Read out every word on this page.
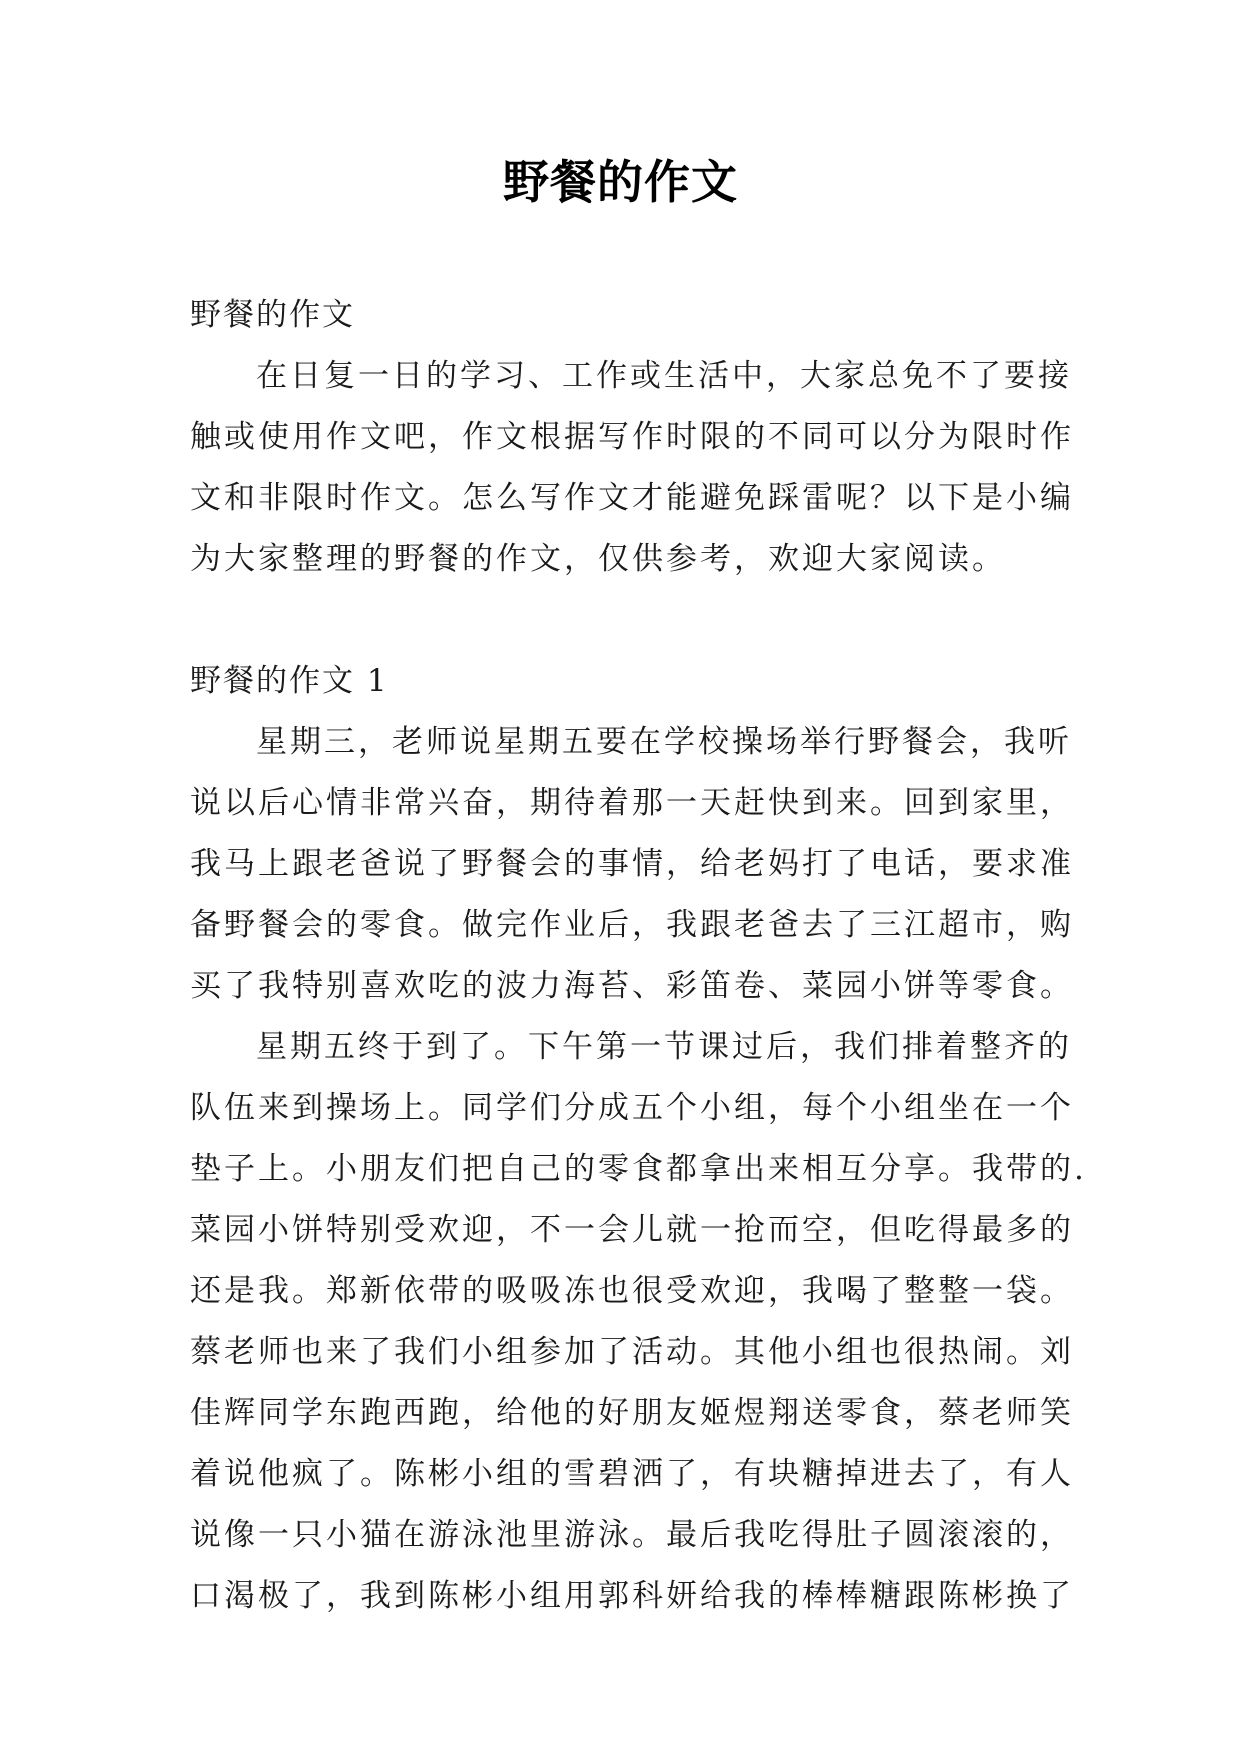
野餐的作文
野餐的作文
在日复一日的学习、工作或生活中，大家总免不了要接
触或使用作文吧，作文根据写作时限的不同可以分为限时作
文和非限时作文。怎么写作文才能避免踩雷呢？以下是小编
为大家整理的野餐的作文，仅供参考，欢迎大家阅读。
野餐的作文 1
星期三，老师说星期五要在学校操场举行野餐会，我听
说以后心情非常兴奋，期待着那一天赶快到来。回到家里，
我马上跟老爸说了野餐会的事情，给老妈打了电话，要求准
备野餐会的零食。做完作业后，我跟老爸去了三江超市，购
买了我特别喜欢吃的波力海苔、彩笛卷、菜园小饼等零食。
星期五终于到了。下午第一节课过后，我们排着整齐的
队伍来到操场上。同学们分成五个小组，每个小组坐在一个
垫子上。小朋友们把自己的零食都拿出来相互分享。我带的.
菜园小饼特别受欢迎，不一会儿就一抢而空，但吃得最多的
还是我。郑新依带的吸吸冻也很受欢迎，我喝了整整一袋。
蔡老师也来了我们小组参加了活动。其他小组也很热闹。刘
佳辉同学东跑西跑，给他的好朋友姬煜翔送零食，蔡老师笑
着说他疯了。陈彬小组的雪碧洒了，有块糖掉进去了，有人
说像一只小猫在游泳池里游泳。最后我吃得肚子圆滚滚的，
口渴极了，我到陈彬小组用郭科妍给我的棒棒糖跟陈彬换了
